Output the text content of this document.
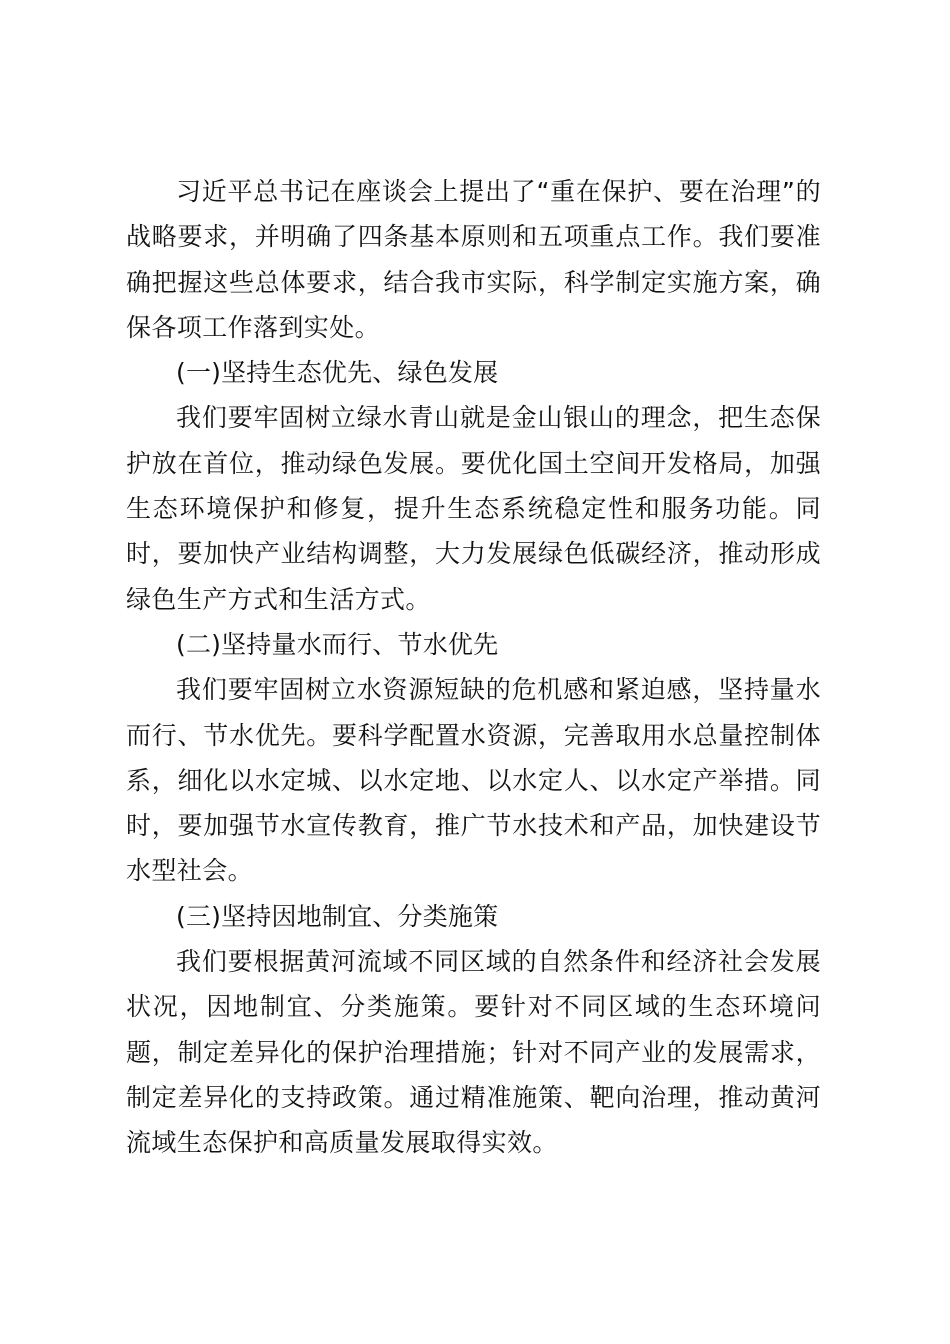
习近平总书记在座谈会上提出了“重在保护、要在治理”的战略要求，并明确了四条基本原则和五项重点工作。我们要准确把握这些总体要求，结合我市实际，科学制定实施方案，确保各项工作落到实处。

(一)坚持生态优先、绿色发展

我们要牢固树立绿水青山就是金山银山的理念，把生态保护放在首位，推动绿色发展。要优化国土空间开发格局，加强生态环境保护和修复，提升生态系统稳定性和服务功能。同时，要加快产业结构调整，大力发展绿色低碳经济，推动形成绿色生产方式和生活方式。

(二)坚持量水而行、节水优先

我们要牢固树立水资源短缺的危机感和紧迫感，坚持量水而行、节水优先。要科学配置水资源，完善取用水总量控制体系，细化以水定城、以水定地、以水定人、以水定产举措。同时，要加强节水宣传教育，推广节水技术和产品，加快建设节水型社会。

(三)坚持因地制宜、分类施策

我们要根据黄河流域不同区域的自然条件和经济社会发展状况，因地制宜、分类施策。要针对不同区域的生态环境问题，制定差异化的保护治理措施；针对不同产业的发展需求，制定差异化的支持政策。通过精准施策、靶向治理，推动黄河流域生态保护和高质量发展取得实效。
